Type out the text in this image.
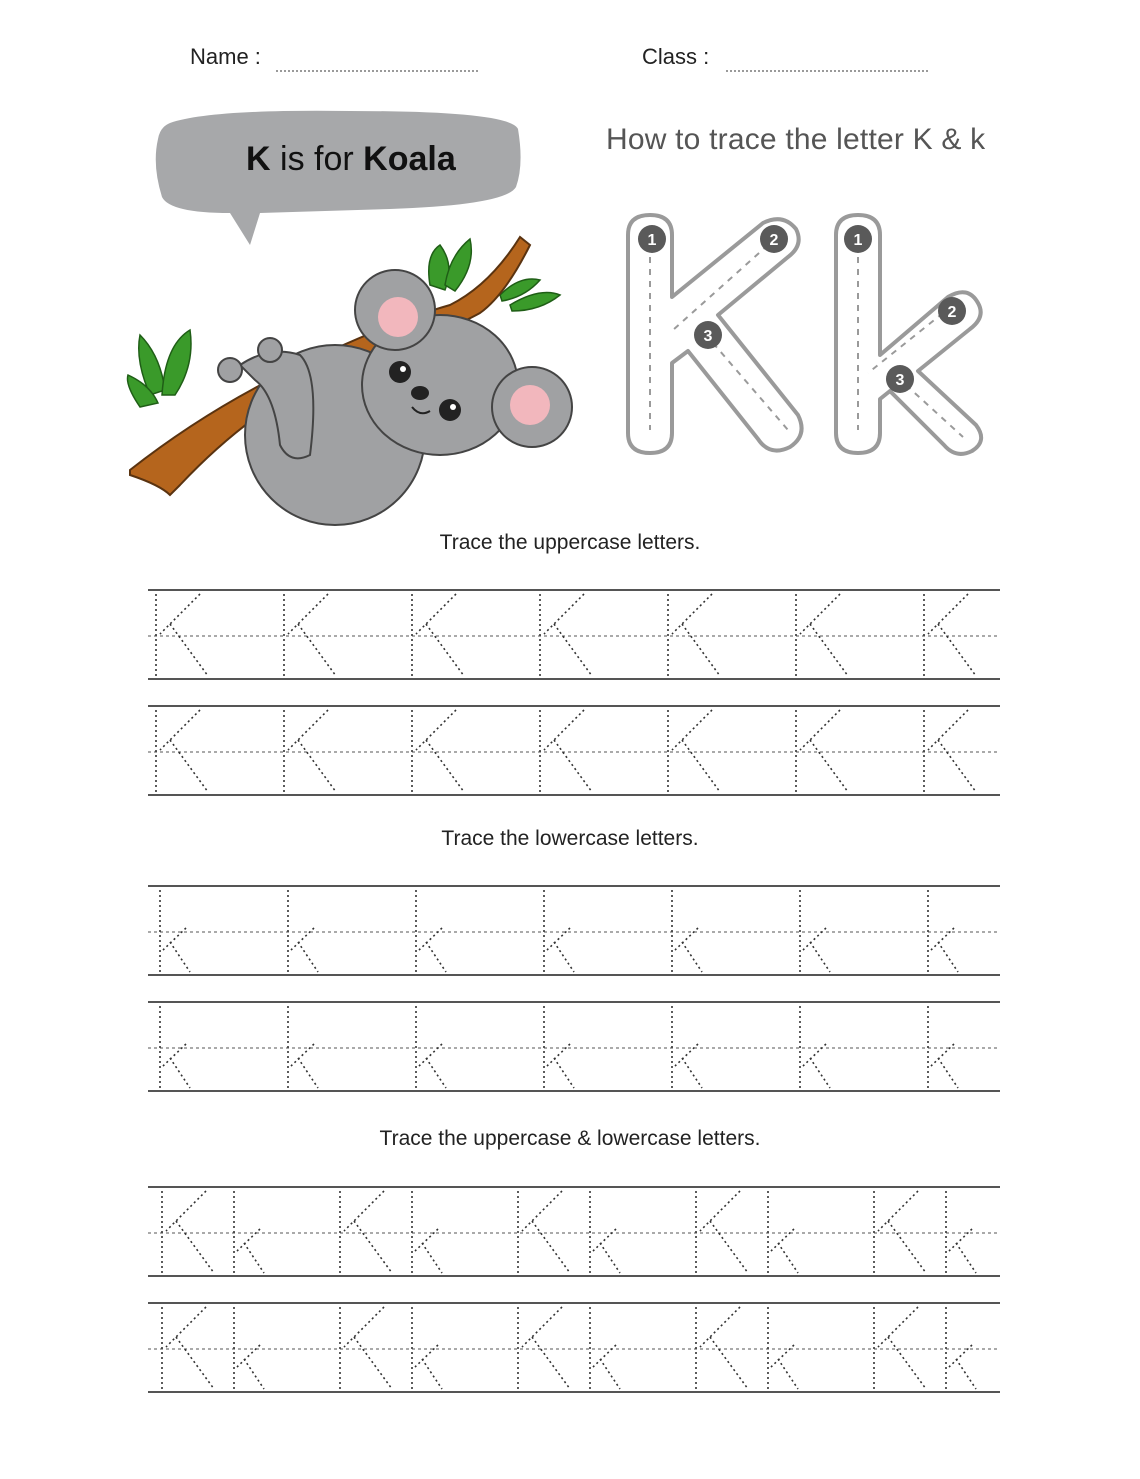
Name :	Class :
K is for Koala
How to trace the letter K & k
1	2
3
1
2
3
Trace the uppercase letters.
Trace the lowercase letters.
Trace the uppercase & lowercase letters.
